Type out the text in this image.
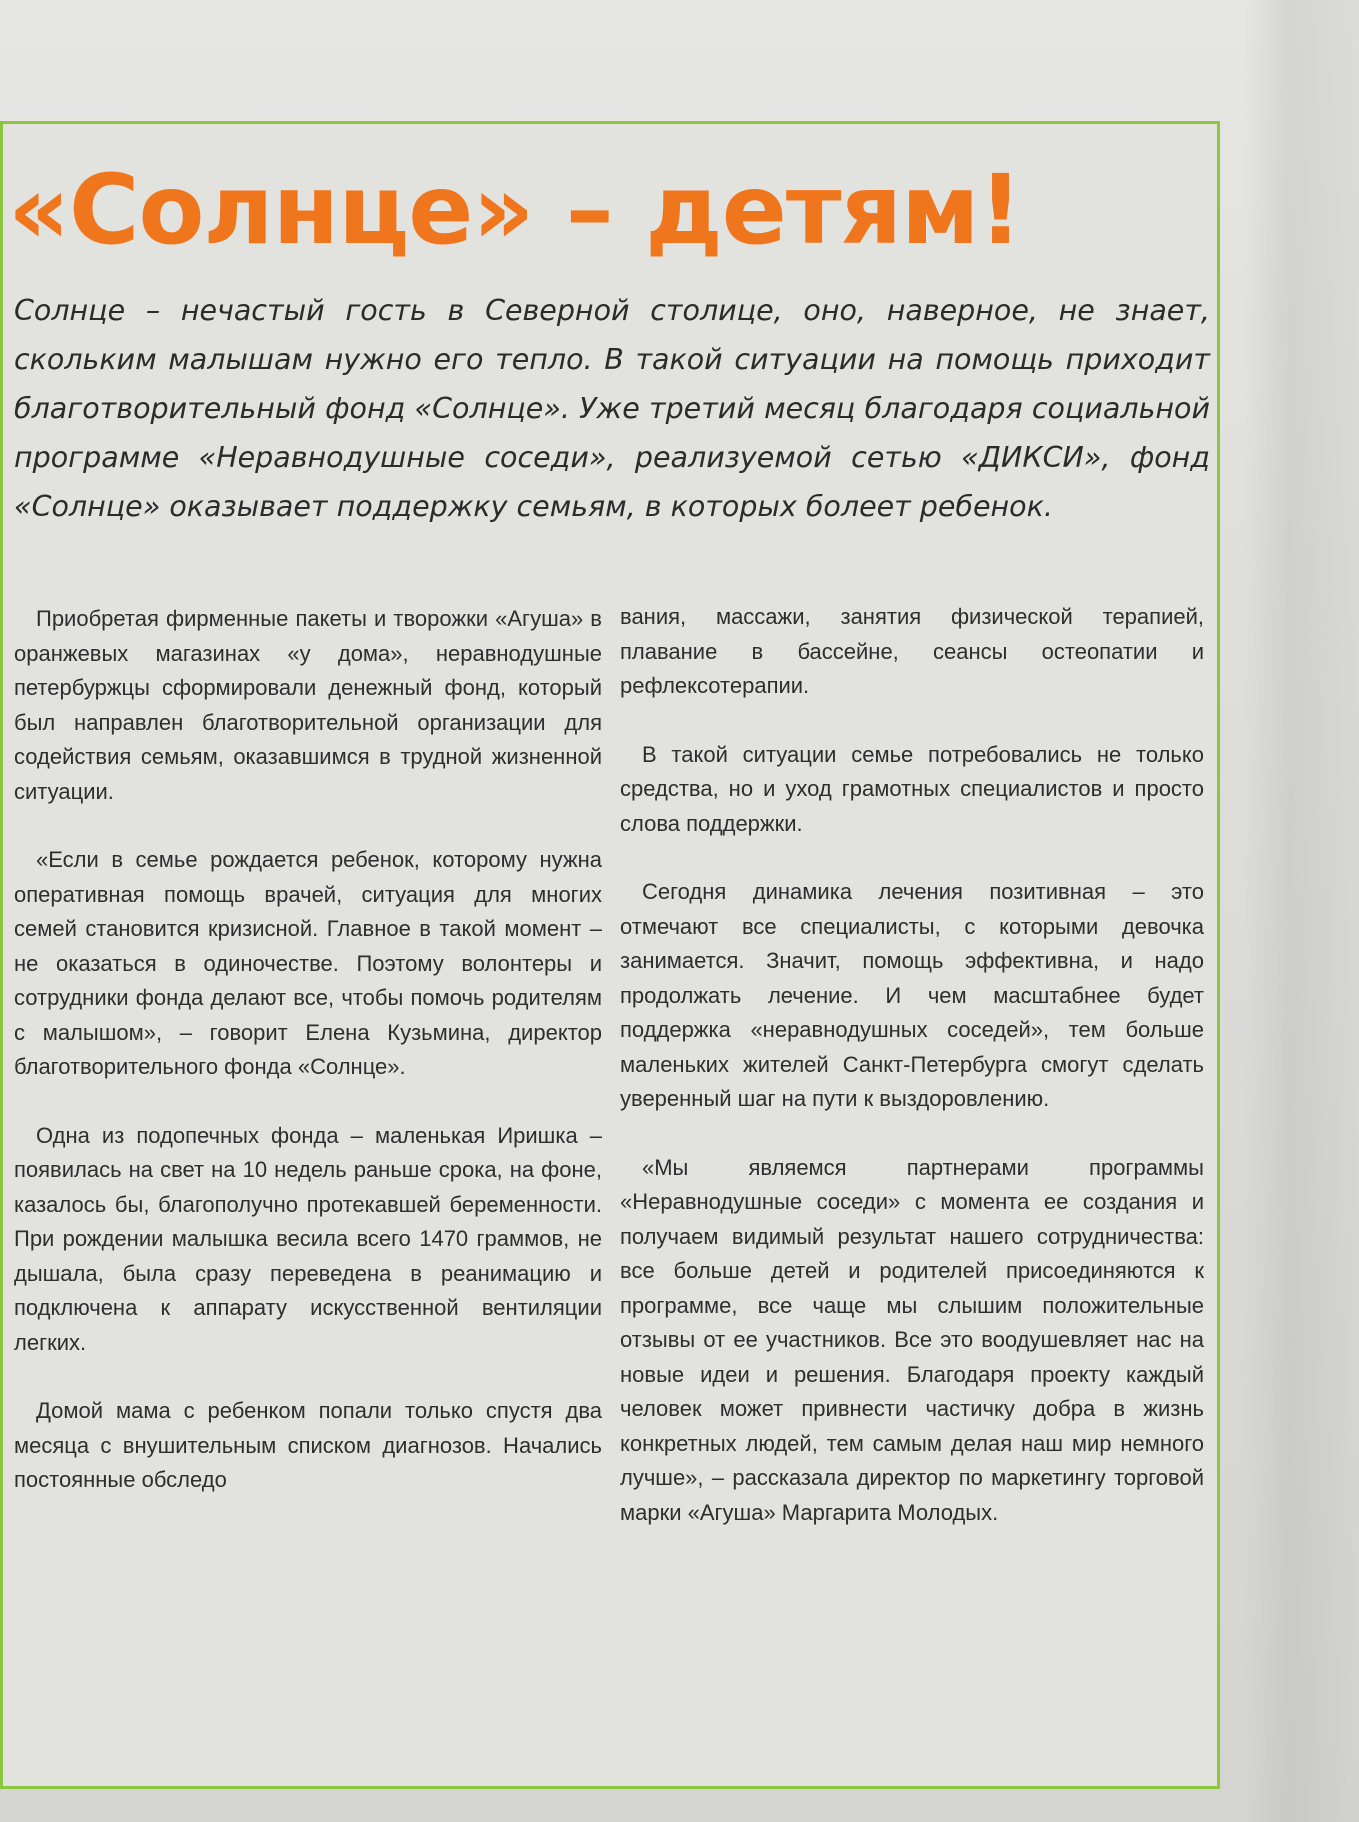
«Солнце» – детям!

Солнце – нечастый гость в Северной столице, оно, наверное, не знает, скольким малышам нужно его тепло. В такой ситуации на помощь приходит благотворительный фонд «Солнце». Уже третий месяц благодаря социальной программе «Неравнодушные соседи», реализуемой сетью «ДИКСИ», фонд «Солнце» оказывает поддержку семьям, в которых болеет ребенок.

Приобретая фирменные пакеты и творожки «Агуша» в оранжевых магазинах «у дома», неравнодушные петербуржцы сформировали денежный фонд, который был направлен благотворительной организации для содействия семьям, оказавшимся в трудной жизненной ситуации.

«Если в семье рождается ребенок, которому нужна оперативная помощь врачей, ситуация для многих семей становится кризисной. Главное в такой момент – не оказаться в одиночестве. Поэтому волонтеры и сотрудники фонда делают все, чтобы помочь родителям с малышом», – говорит Елена Кузьмина, директор благотворительного фонда «Солнце».

Одна из подопечных фонда – маленькая Иришка – появилась на свет на 10 недель раньше срока, на фоне, казалось бы, благополучно протекавшей беременности. При рождении малышка весила всего 1470 граммов, не дышала, была сразу переведена в реанимацию и подключена к аппарату искусственной вентиляции легких.

Домой мама с ребенком попали только спустя два месяца с внушительным списком диагнозов. Начались постоянные обследо

вания, массажи, занятия физической терапией, плавание в бассейне, сеансы остеопатии и рефлексотерапии.

В такой ситуации семье потребовались не только средства, но и уход грамотных специалистов и просто слова поддержки.

Сегодня динамика лечения позитивная – это отмечают все специалисты, с которыми девочка занимается. Значит, помощь эффективна, и надо продолжать лечение. И чем масштабнее будет поддержка «неравнодушных соседей», тем больше маленьких жителей Санкт-Петербурга смогут сделать уверенный шаг на пути к выздоровлению.

«Мы являемся партнерами программы «Неравнодушные соседи» с момента ее создания и получаем видимый результат нашего сотрудничества: все больше детей и родителей присоединяются к программе, все чаще мы слышим положительные отзывы от ее участников. Все это воодушевляет нас на новые идеи и решения. Благодаря проекту каждый человек может привнести частичку добра в жизнь конкретных людей, тем самым делая наш мир немного лучше», – рассказала директор по маркетингу торговой марки «Агуша» Маргарита Молодых.
